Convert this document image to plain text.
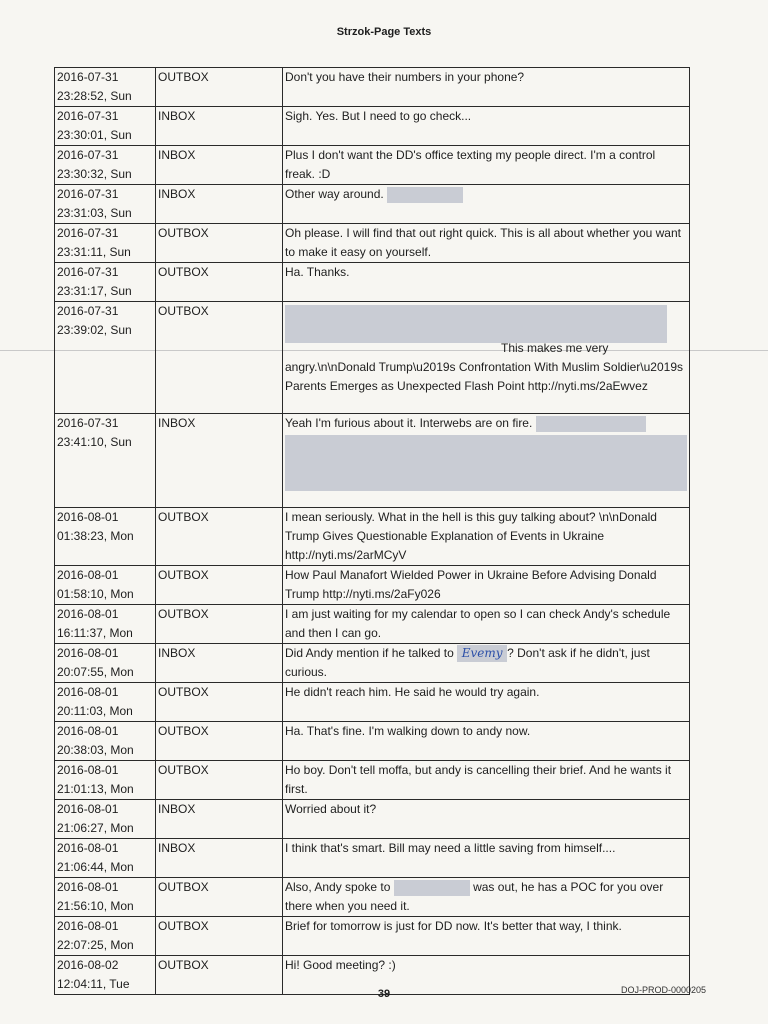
Strzok-Page Texts
2016-07-31
23:28:52, Sun	OUTBOX	Don't you have their numbers in your phone?

2016-07-31
23:30:01, Sun	INBOX	Sigh. Yes. But I need to go check...

2016-07-31
23:30:32, Sun	INBOX	Plus I don't want the DD's office texting my people direct. I'm a control freak. :D

2016-07-31
23:31:03, Sun	INBOX	Other way around.

2016-07-31
23:31:11, Sun	OUTBOX	Oh please. I will find that out right quick. This is all about whether you want to make it easy on yourself.

2016-07-31
23:31:17, Sun	OUTBOX	Ha. Thanks.

2016-07-31
23:39:02, Sun	OUTBOX	This makes me very angry.\n\nDonald Trump\u2019s Confrontation With Muslim Soldier\u2019s Parents Emerges as Unexpected Flash Point http://nyti.ms/2aEwvez

2016-07-31
23:41:10, Sun	INBOX	Yeah I'm furious about it. Interwebs are on fire.

2016-08-01
01:38:23, Mon	OUTBOX	I mean seriously. What in the hell is this guy talking about? \n\nDonald Trump Gives Questionable Explanation of Events in Ukraine http://nyti.ms/2arMCyV

2016-08-01
01:58:10, Mon	OUTBOX	How Paul Manafort Wielded Power in Ukraine Before Advising Donald Trump http://nyti.ms/2aFy026

2016-08-01
16:11:37, Mon	OUTBOX	I am just waiting for my calendar to open so I can check Andy's schedule and then I can go.

2016-08-01
20:07:55, Mon	INBOX	Did Andy mention if he talked to Evemy ? Don't ask if he didn't, just curious.

2016-08-01
20:11:03, Mon	OUTBOX	He didn't reach him. He said he would try again.

2016-08-01
20:38:03, Mon	OUTBOX	Ha. That's fine. I'm walking down to andy now.

2016-08-01
21:01:13, Mon	OUTBOX	Ho boy. Don't tell moffa, but andy is cancelling their brief. And he wants it first.

2016-08-01
21:06:27, Mon	INBOX	Worried about it?

2016-08-01
21:06:44, Mon	INBOX	I think that's smart. Bill may need a little saving from himself....

2016-08-01
21:56:10, Mon	OUTBOX	Also, Andy spoke to was out, he has a POC for you over there when you need it.

2016-08-01
22:07:25, Mon	OUTBOX	Brief for tomorrow is just for DD now. It's better that way, I think.

2016-08-02
12:04:11, Tue	OUTBOX	Hi! Good meeting? :)
39	DOJ-PROD-0000205
